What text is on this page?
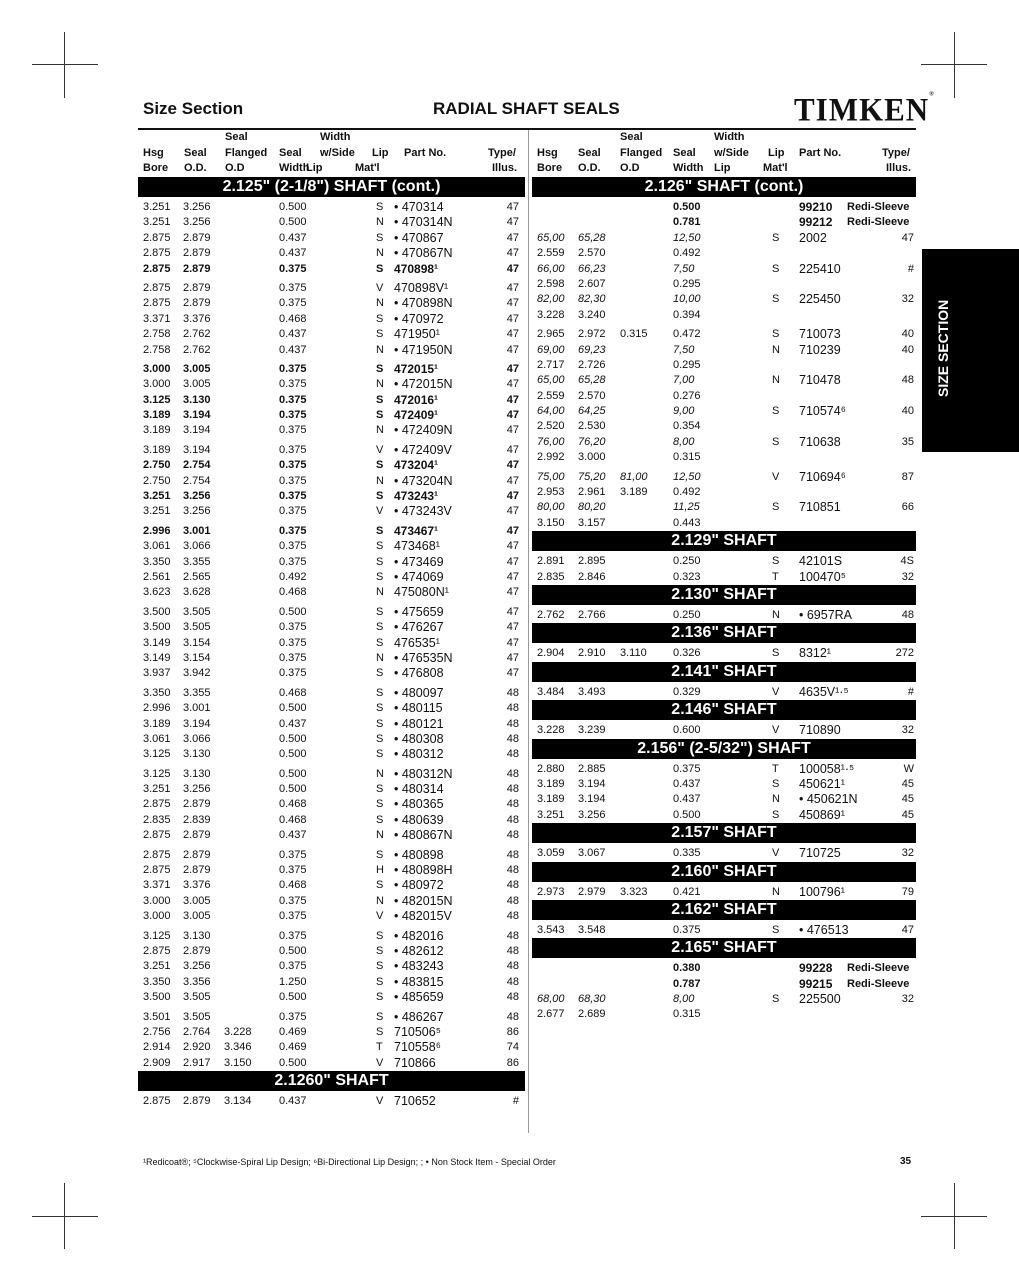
Size Section	RADIAL SHAFT SEALS	TIMKEN®
Seal	Width
Hsg Seal Flanged Seal w/Side Lip Part No.	Type/
Bore O.D. O.D	Width
Lip	Mat'l	Illus.
2.125" (2-1/8") SHAFT (cont.)
3.251 3.256	0.500	S • 470314	47
3.251 3.256	0.500	N • 470314N	47
2.875 2.879	0.437	S • 470867	47
2.875 2.879	0.437	N • 470867N	47
2.875 2.879	0.375	S 470898¹	47
2.875 2.879	0.375	V 470898V¹	47
2.875 2.879	0.375	N • 470898N	47
3.371 3.376	0.468	S • 470972	47
2.758 2.762	0.437	S 471950¹	47
2.758 2.762	0.437	N • 471950N	47
3.000 3.005	0.375	S 472015¹	47
3.000 3.005	0.375	N • 472015N	47
3.125 3.130	0.375	S 472016¹	47
3.189 3.194	0.375	S 472409¹	47
3.189 3.194	0.375	N • 472409N	47
3.189 3.194	0.375	V • 472409V	47
2.750 2.754	0.375	S 473204¹	47
2.750 2.754	0.375	N • 473204N	47
3.251 3.256	0.375	S 473243¹	47
3.251 3.256	0.375	V • 473243V	47
2.996 3.001	0.375	S 473467¹	47
3.061 3.066	0.375	S 473468¹	47
3.350 3.355	0.375	S • 473469	47
2.561 2.565	0.492	S • 474069	47
3.623 3.628	0.468	N 475080N¹	47
3.500 3.505	0.500	S • 475659	47
3.500 3.505	0.375	S • 476267	47
3.149 3.154	0.375	S 476535¹	47
3.149 3.154	0.375	N • 476535N	47
3.937 3.942	0.375	S • 476808	47
3.350 3.355	0.468	S • 480097	48
2.996 3.001	0.500	S • 480115	48
3.189 3.194	0.437	S • 480121	48
3.061 3.066	0.500	S • 480308	48
3.125 3.130	0.500	S • 480312	48
3.125 3.130	0.500	N • 480312N	48
3.251 3.256	0.500	S • 480314	48
2.875 2.879	0.468	S • 480365	48
2.835 2.839	0.468	S • 480639	48
2.875 2.879	0.437	N • 480867N	48
2.875 2.879	0.375	S • 480898	48
2.875 2.879	0.375	H • 480898H	48
3.371 3.376	0.468	S • 480972	48
3.000 3.005	0.375	N • 482015N	48
3.000 3.005	0.375	V • 482015V	48
3.125 3.130	0.375	S • 482016	48
2.875 2.879	0.500	S • 482612	48
3.251 3.256	0.375	S • 483243	48
3.350 3.356	1.250	S • 483815	48
3.500 3.505	0.500	S • 485659	48
3.501 3.505	0.375	S • 486267	48
2.756 2.764 3.228 0.469	S 710506⁵	86
2.914 2.920 3.346 0.469	T 710558⁶	74
2.909 2.917 3.150 0.500	V 710866	86
2.1260" SHAFT
2.875 2.879 3.134 0.437	V 710652	#
Seal	Width
Hsg Seal Flanged Seal w/Side Lip Part No.	Type/
Bore O.D. O.D	Width Lip	Mat'l	Illus.
2.126" SHAFT (cont.)
0.500	99210 Redi-Sleeve
0.781	99212 Redi-Sleeve
65,00 65,28	12,50	S 2002	47
2.559 2.570	0.492
66,00 66,23	7,50	S 225410	#
2.598 2.607	0.295
82,00 82,30	10,00	S 225450	32
3.228 3.240	0.394
2.965 2.972 0.315 0.472	S 710073	40
69,00 69,23	7,50	N 710239	40
2.717 2.726	0.295
65,00 65,28	7,00	N 710478	48
2.559 2.570	0.276
64,00 64,25	9,00	S 710574⁶	40
2.520 2.530	0.354
76,00 76,20	8,00	S 710638	35
2.992 3.000	0.315
75,00 75,20 81,00 12,50	V 710694⁶	87
2.953 2.961 3.189 0.492
80,00 80,20	11,25	S 710851	66
3.150 3.157	0.443
2.129" SHAFT
2.891 2.895	0.250	S 42101S	4S
2.835 2.846	0.323	T 100470⁵	32
2.130" SHAFT
2.762 2.766	0.250	N • 6957RA	48
2.136" SHAFT
2.904 2.910 3.110 0.326	S 8312¹	272
2.141" SHAFT
3.484 3.493	0.329	V 4635V¹·⁵	#
2.146" SHAFT
3.228 3.239	0.600	V 710890	32
2.156" (2-5/32") SHAFT
2.880 2.885	0.375	T 100058¹·⁵	W
3.189 3.194	0.437	S 450621¹	45
3.189 3.194	0.437	N • 450621N	45
3.251 3.256	0.500	S 450869¹	45
2.157" SHAFT
3.059 3.067	0.335	V 710725	32
2.160" SHAFT
2.973 2.979 3.323 0.421	N 100796¹	79
2.162" SHAFT
3.543 3.548	0.375	S • 476513	47
2.165" SHAFT
0.380	99228 Redi-Sleeve
0.787	99215 Redi-Sleeve
68,00 68,30	8,00	S 225500	32
2.677 2.689	0.315
SIZE SECTION
¹Redicoat®; ⁵Clockwise-Spiral Lip Design; ⁶Bi-Directional Lip Design; ; • Non Stock Item - Special Order	35
